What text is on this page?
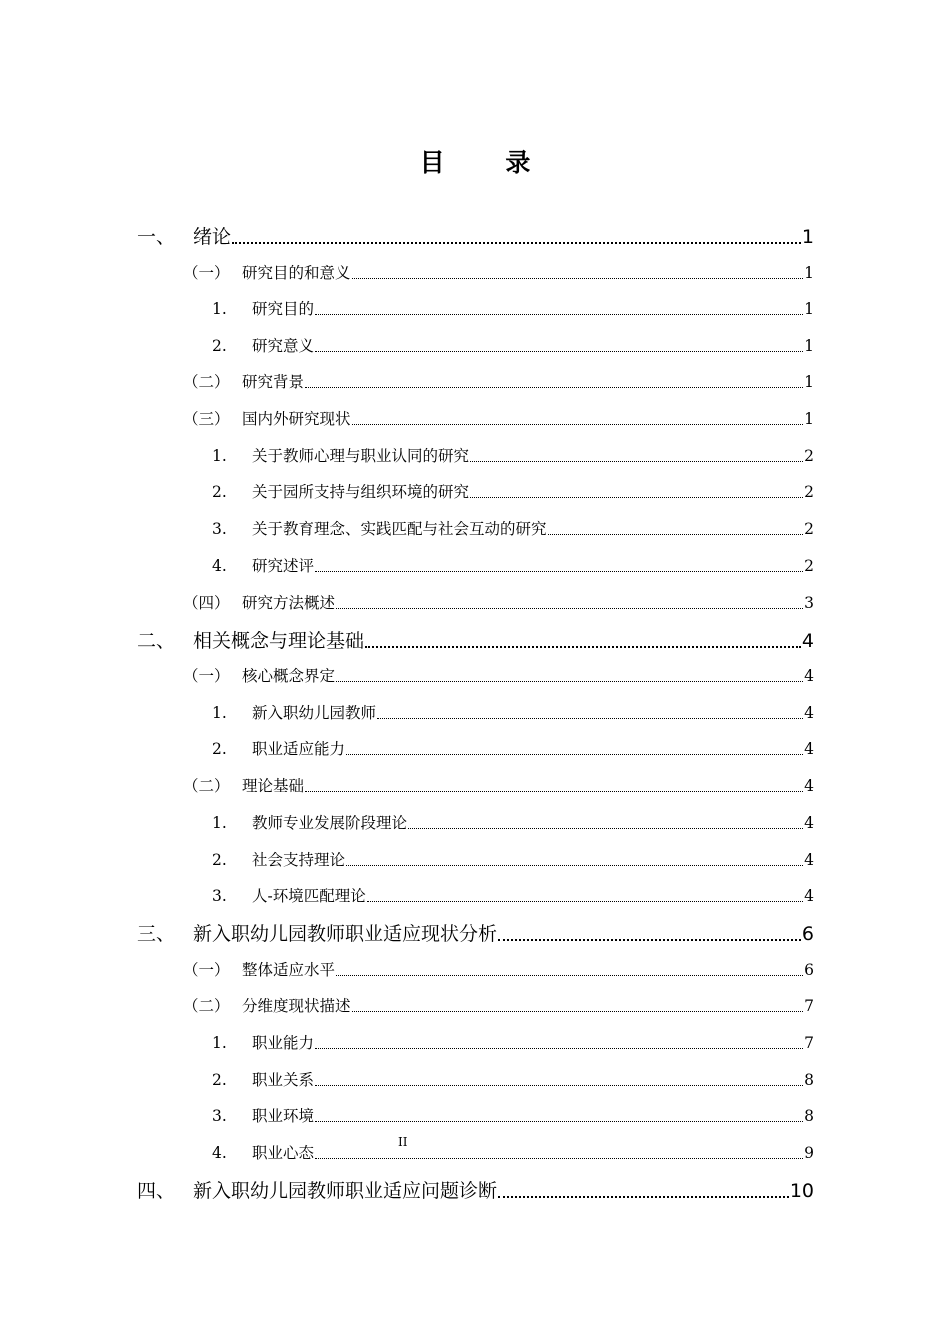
目 录
一、 绪论	1
（一） 研究目的和意义	1
1.	研究目的	1
2.	研究意义	1
（二） 研究背景	1
（三） 国内外研究现状	1
1.	关于教师心理与职业认同的研究	2
2.	关于园所支持与组织环境的研究	2
3.	关于教育理念、实践匹配与社会互动的研究	2
4.	研究述评	2
（四） 研究方法概述	3
二、 相关概念与理论基础	4
（一） 核心概念界定	4
1.	新入职幼儿园教师	4
2.	职业适应能力	4
（二） 理论基础	4
1.	教师专业发展阶段理论	4
2.	社会支持理论	4
3.	人-环境匹配理论	4
三、 新入职幼儿园教师职业适应现状分析	6
（一） 整体适应水平	6
（二） 分维度现状描述	7
1.	职业能力	7
2.	职业关系	8
3.	职业环境	8
4.	职业心态	9
四、 新入职幼儿园教师职业适应问题诊断	10
II
